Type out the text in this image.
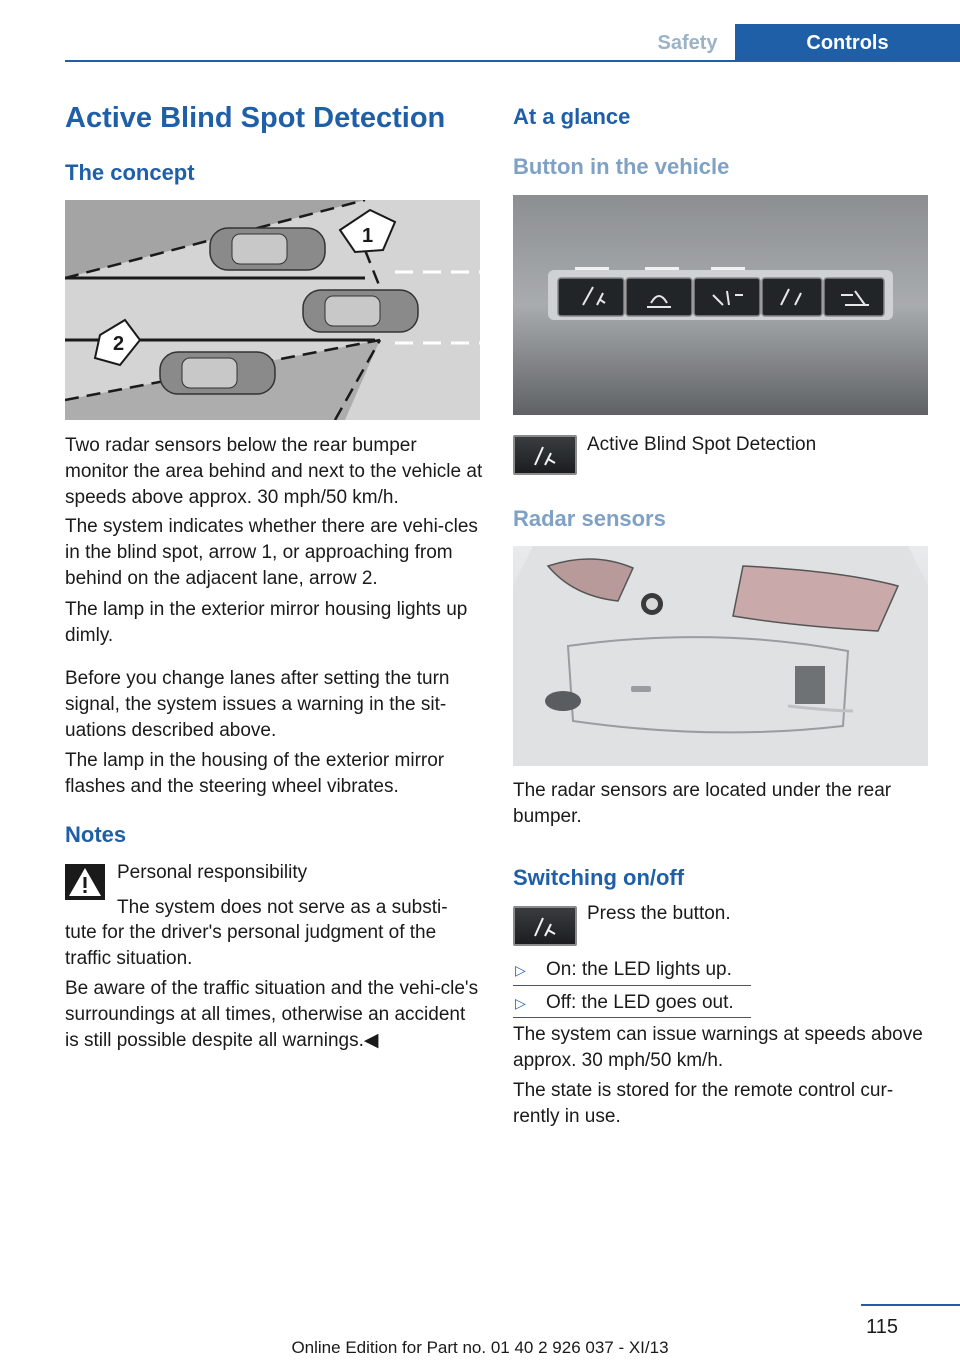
Safety	Controls
Active Blind Spot Detection
The concept
1
2
Two radar sensors below the rear bumper monitor the area behind and next to the vehicle at speeds above approx. 30 mph/50 km/h.
The system indicates whether there are vehi-cles in the blind spot, arrow 1, or approaching from behind on the adjacent lane, arrow 2.
The lamp in the exterior mirror housing lights up dimly.
Before you change lanes after setting the turn signal, the system issues a warning in the sit-uations described above.
The lamp in the housing of the exterior mirror flashes and the steering wheel vibrates.
Notes
Personal responsibility
The system does not serve as a substi-
tute for the driver's personal judgment of the traffic situation.
Be aware of the traffic situation and the vehi-cle's surroundings at all times, otherwise an accident is still possible despite all warnings.◀
At a glance
Button in the vehicle
Active Blind Spot Detection
Radar sensors
The radar sensors are located under the rear bumper.
Switching on/off
Press the button.
▷ On: the LED lights up.
▷ Off: the LED goes out.
The system can issue warnings at speeds above approx. 30 mph/50 km/h.
The state is stored for the remote control cur-rently in use.
115
Online Edition for Part no. 01 40 2 926 037 - XI/13
